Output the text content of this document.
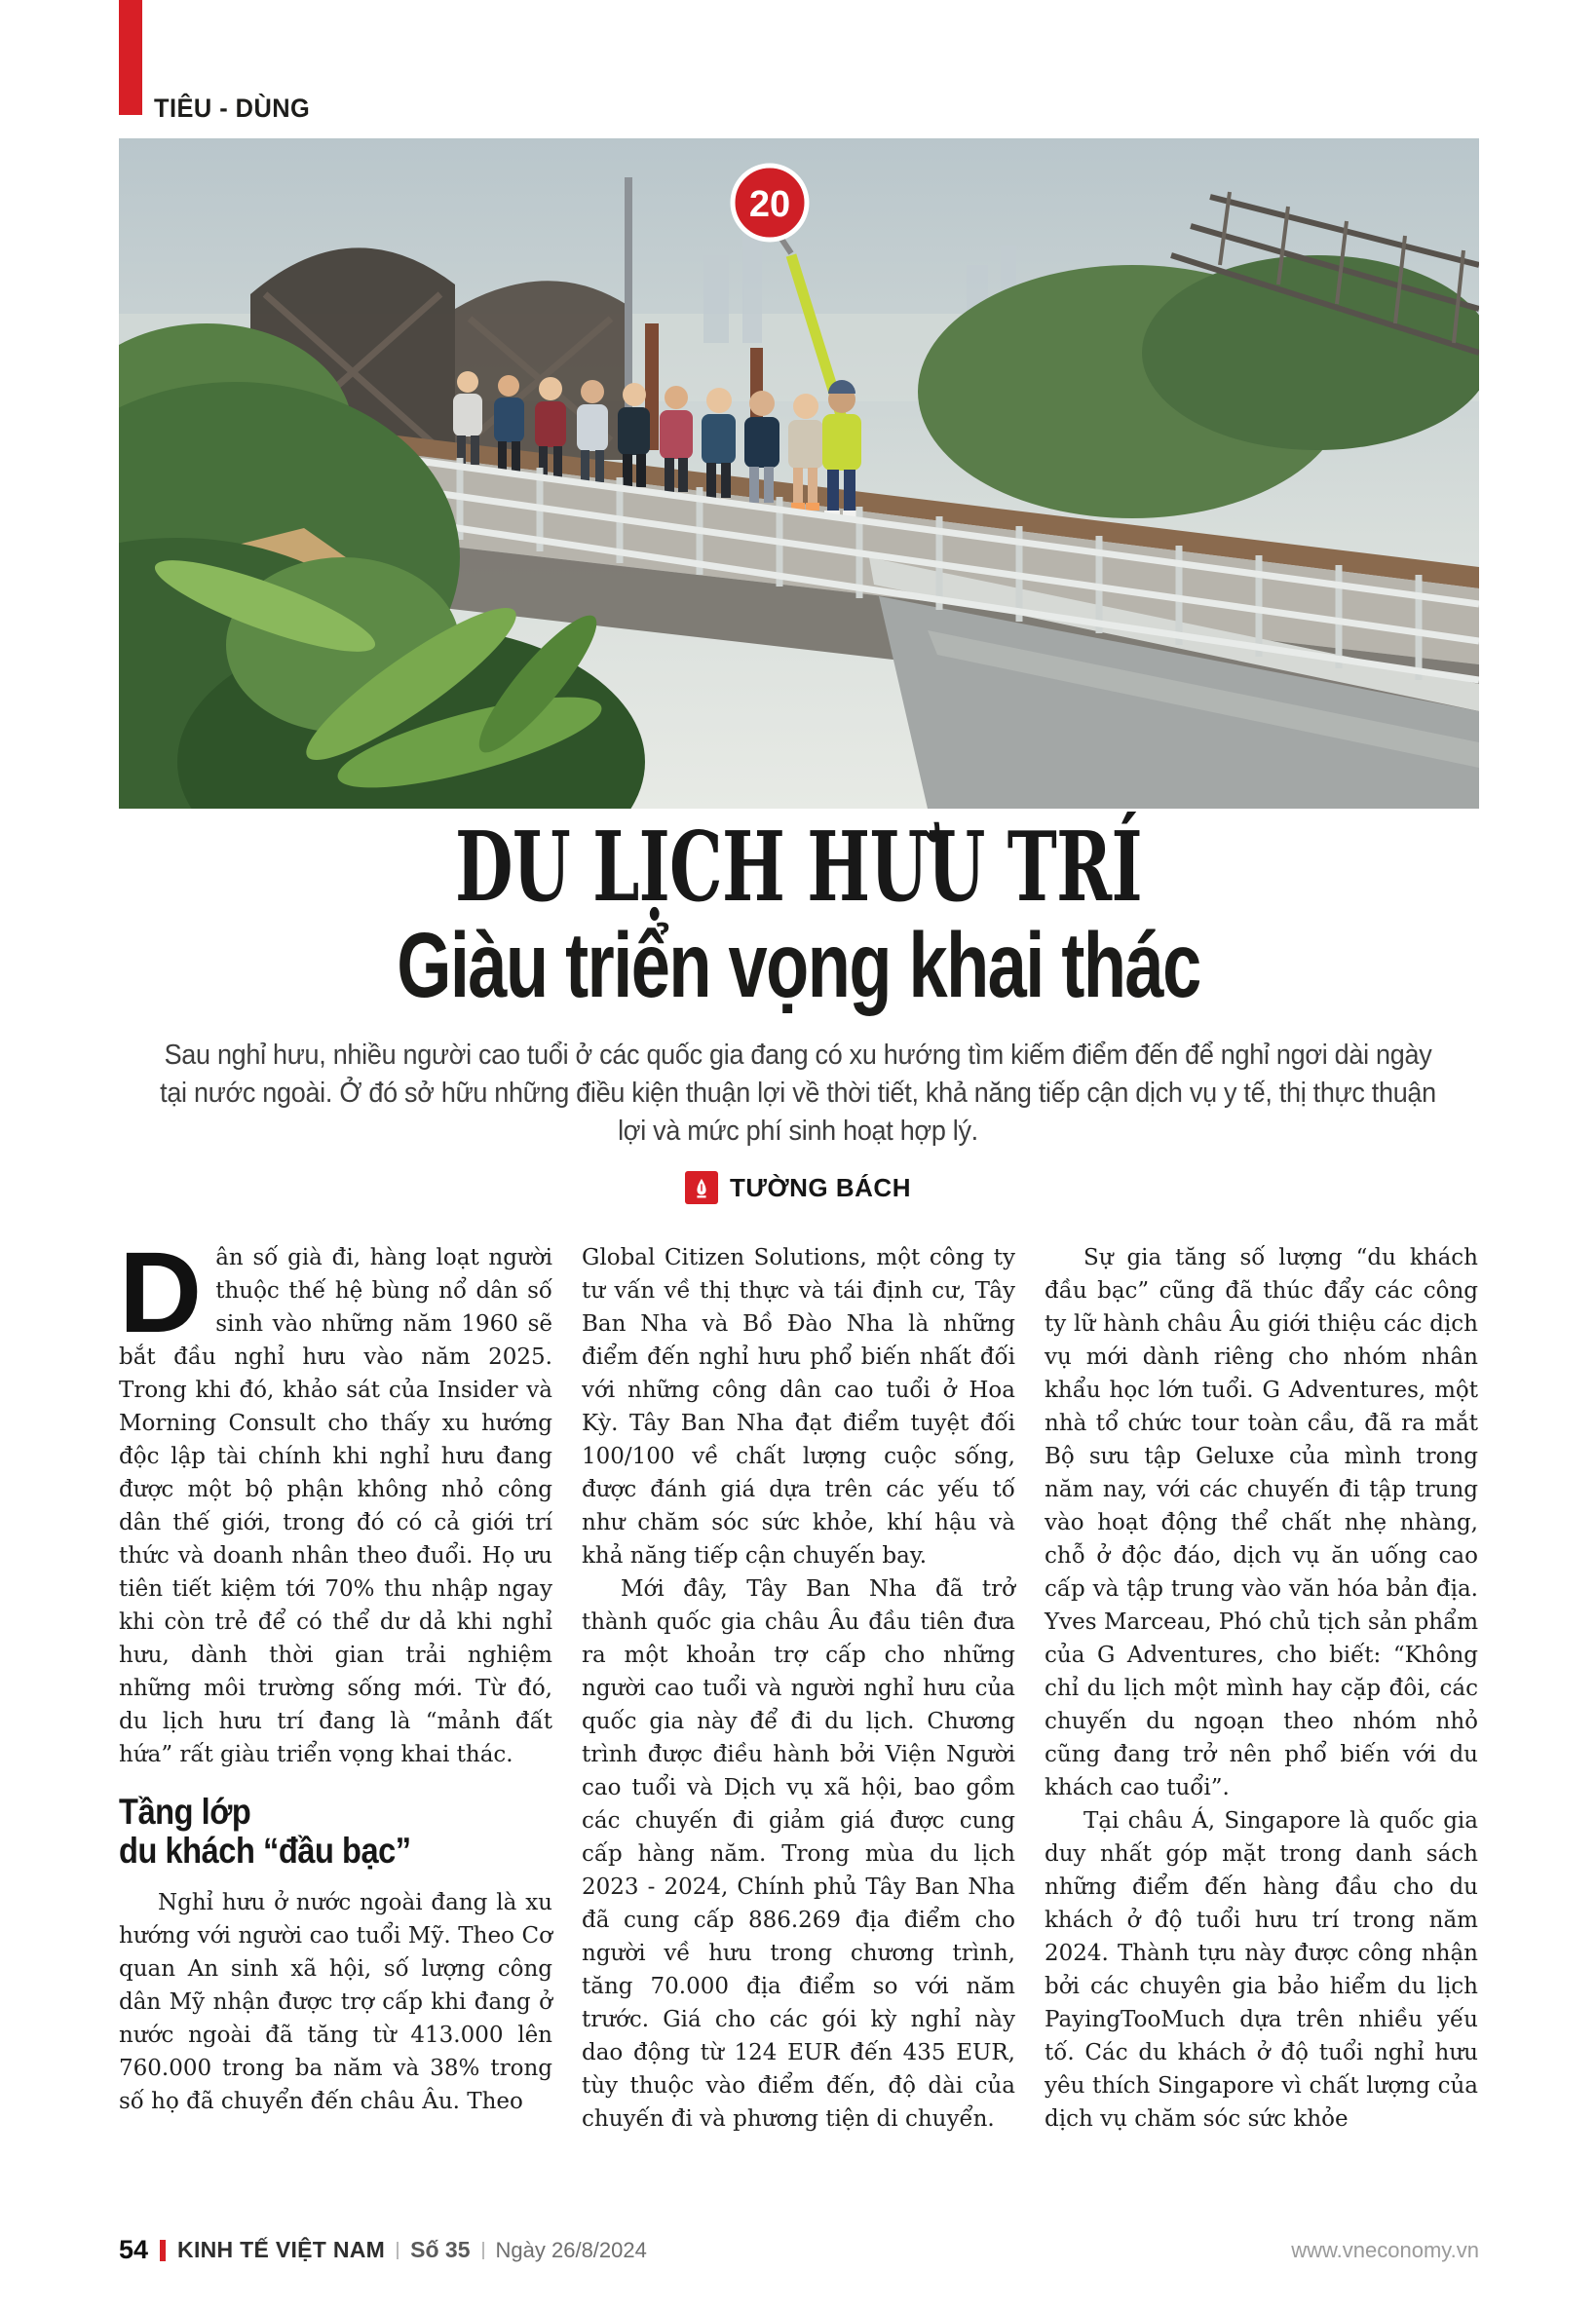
TIÊU - DÙNG
20
DU LỊCH HƯU TRÍ
Giàu triển vọng khai thác

Sau nghỉ hưu, nhiều người cao tuổi ở các quốc gia đang có xu hướng tìm kiếm điểm đến để nghỉ ngơi dài ngày tại nước ngoài. Ở đó sở hữu những điều kiện thuận lợi về thời tiết, khả năng tiếp cận dịch vụ y tế, thị thực thuận lợi và mức phí sinh hoạt hợp lý.

TƯỜNG BÁCH

Dân số già đi, hàng loạt người thuộc thế hệ bùng nổ dân số sinh vào những năm 1960 sẽ bắt đầu nghỉ hưu vào năm 2025. Trong khi đó, khảo sát của Insider và Morning Consult cho thấy xu hướng độc lập tài chính khi nghỉ hưu đang được một bộ phận không nhỏ công dân thế giới, trong đó có cả giới trí thức và doanh nhân theo đuổi. Họ ưu tiên tiết kiệm tới 70% thu nhập ngay khi còn trẻ để có thể dư dả khi nghỉ hưu, dành thời gian trải nghiệm những môi trường sống mới. Từ đó, du lịch hưu trí đang là “mảnh đất hứa” rất giàu triển vọng khai thác.

Tầng lớp
du khách “đầu bạc”

Nghỉ hưu ở nước ngoài đang là xu hướng với người cao tuổi Mỹ. Theo Cơ quan An sinh xã hội, số lượng công dân Mỹ nhận được trợ cấp khi đang ở nước ngoài đã tăng từ 413.000 lên 760.000 trong ba năm và 38% trong số họ đã chuyển đến châu Âu. Theo

Global Citizen Solutions, một công ty tư vấn về thị thực và tái định cư, Tây Ban Nha và Bồ Đào Nha là những điểm đến nghỉ hưu phổ biến nhất đối với những công dân cao tuổi ở Hoa Kỳ. Tây Ban Nha đạt điểm tuyệt đối 100/100 về chất lượng cuộc sống, được đánh giá dựa trên các yếu tố như chăm sóc sức khỏe, khí hậu và khả năng tiếp cận chuyến bay.

Mới đây, Tây Ban Nha đã trở thành quốc gia châu Âu đầu tiên đưa ra một khoản trợ cấp cho những người cao tuổi và người nghỉ hưu của quốc gia này để đi du lịch. Chương trình được điều hành bởi Viện Người cao tuổi và Dịch vụ xã hội, bao gồm các chuyến đi giảm giá được cung cấp hàng năm. Trong mùa du lịch 2023 - 2024, Chính phủ Tây Ban Nha đã cung cấp 886.269 địa điểm cho người về hưu trong chương trình, tăng 70.000 địa điểm so với năm trước. Giá cho các gói kỳ nghỉ này dao động từ 124 EUR đến 435 EUR, tùy thuộc vào điểm đến, độ dài của chuyến đi và phương tiện di chuyển.

Sự gia tăng số lượng “du khách đầu bạc” cũng đã thúc đẩy các công ty lữ hành châu Âu giới thiệu các dịch vụ mới dành riêng cho nhóm nhân khẩu học lớn tuổi. G Adventures, một nhà tổ chức tour toàn cầu, đã ra mắt Bộ sưu tập Geluxe của mình trong năm nay, với các chuyến đi tập trung vào hoạt động thể chất nhẹ nhàng, chỗ ở độc đáo, dịch vụ ăn uống cao cấp và tập trung vào văn hóa bản địa. Yves Marceau, Phó chủ tịch sản phẩm của G Adventures, cho biết: “Không chỉ du lịch một mình hay cặp đôi, các chuyến du ngoạn theo nhóm nhỏ cũng đang trở nên phổ biến với du khách cao tuổi”.

Tại châu Á, Singapore là quốc gia duy nhất góp mặt trong danh sách những điểm đến hàng đầu cho du khách ở độ tuổi hưu trí trong năm 2024. Thành tựu này được công nhận bởi các chuyên gia bảo hiểm du lịch PayingTooMuch dựa trên nhiều yếu tố. Các du khách ở độ tuổi nghỉ hưu yêu thích Singapore vì chất lượng của dịch vụ chăm sóc sức khỏe

54 KINH TẾ VIỆT NAM Số 35 Ngày 26/8/2024	www.vneconomy.vn
